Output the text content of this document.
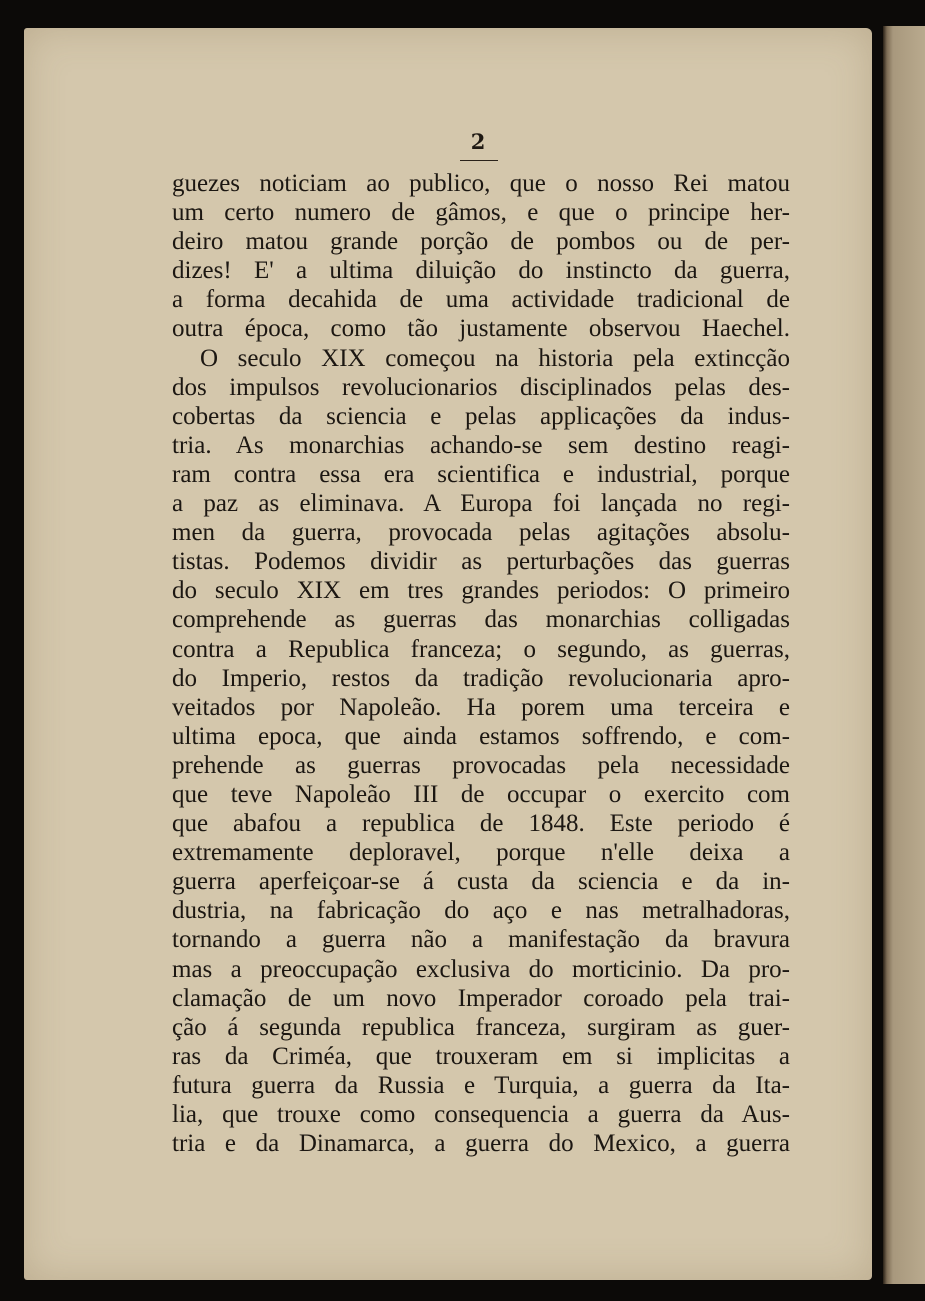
2
guezes noticiam ao publico, que o nosso Rei matou
um certo numero de gâmos, e que o principe her-
deiro matou grande porção de pombos ou de per-
dizes! E' a ultima diluição do instincto da guerra,
a forma decahida de uma actividade tradicional de
outra época, como tão justamente observou Haechel.
O seculo XIX começou na historia pela extincção
dos impulsos revolucionarios disciplinados pelas des-
cobertas da sciencia e pelas applicações da indus-
tria. As monarchias achando-se sem destino reagi-
ram contra essa era scientifica e industrial, porque
a paz as eliminava. A Europa foi lançada no regi-
men da guerra, provocada pelas agitações absolu-
tistas. Podemos dividir as perturbações das guerras
do seculo XIX em tres grandes periodos: O primeiro
comprehende as guerras das monarchias colligadas
contra a Republica franceza; o segundo, as guerras,
do Imperio, restos da tradição revolucionaria apro-
veitados por Napoleão. Ha porem uma terceira e
ultima epoca, que ainda estamos soffrendo, e com-
prehende as guerras provocadas pela necessidade
que teve Napoleão III de occupar o exercito com
que abafou a republica de 1848. Este periodo é
extremamente deploravel, porque n'elle deixa a
guerra aperfeiçoar-se á custa da sciencia e da in-
dustria, na fabricação do aço e nas metralhadoras,
tornando a guerra não a manifestação da bravura
mas a preoccupação exclusiva do morticinio. Da pro-
clamação de um novo Imperador coroado pela trai-
ção á segunda republica franceza, surgiram as guer-
ras da Criméa, que trouxeram em si implicitas a
futura guerra da Russia e Turquia, a guerra da Ita-
lia, que trouxe como consequencia a guerra da Aus-
tria e da Dinamarca, a guerra do Mexico, a guerra
